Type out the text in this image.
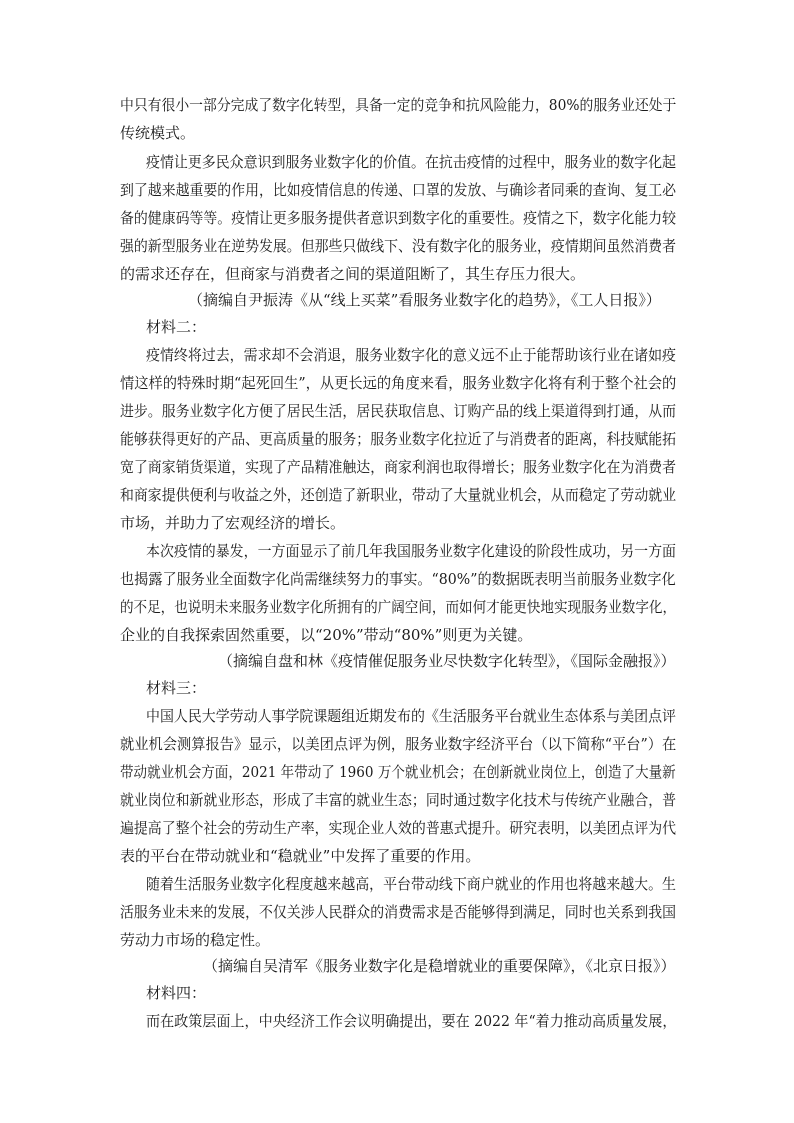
中只有很小一部分完成了数字化转型，具备一定的竞争和抗风险能力，80%的服务业还处于
传统模式。
疫情让更多民众意识到服务业数字化的价值。在抗击疫情的过程中，服务业的数字化起
到了越来越重要的作用，比如疫情信息的传递、口罩的发放、与确诊者同乘的查询、复工必
备的健康码等等。疫情让更多服务提供者意识到数字化的重要性。疫情之下，数字化能力较
强的新型服务业在逆势发展。但那些只做线下、没有数字化的服务业，疫情期间虽然消费者
的需求还存在，但商家与消费者之间的渠道阻断了，其生存压力很大。
（摘编自尹振涛《从“线上买菜”看服务业数字化的趋势》，《工人日报》）
材料二：
疫情终将过去，需求却不会消退，服务业数字化的意义远不止于能帮助该行业在诸如疫
情这样的特殊时期“起死回生”，从更长远的角度来看，服务业数字化将有利于整个社会的
进步。服务业数字化方便了居民生活，居民获取信息、订购产品的线上渠道得到打通，从而
能够获得更好的产品、更高质量的服务；服务业数字化拉近了与消费者的距离，科技赋能拓
宽了商家销货渠道，实现了产品精准触达，商家利润也取得增长；服务业数字化在为消费者
和商家提供便利与收益之外，还创造了新职业，带动了大量就业机会，从而稳定了劳动就业
市场，并助力了宏观经济的增长。
本次疫情的暴发，一方面显示了前几年我国服务业数字化建设的阶段性成功，另一方面
也揭露了服务业全面数字化尚需继续努力的事实。“80%”的数据既表明当前服务业数字化
的不足，也说明未来服务业数字化所拥有的广阔空间，而如何才能更快地实现服务业数字化，
企业的自我探索固然重要，以“20%”带动“80%”则更为关键。
（摘编自盘和林《疫情催促服务业尽快数字化转型》，《国际金融报》）
材料三：
中国人民大学劳动人事学院课题组近期发布的《生活服务平台就业生态体系与美团点评
就业机会测算报告》显示，以美团点评为例，服务业数字经济平台（以下简称“平台”）在
带动就业机会方面，2021 年带动了 1960 万个就业机会；在创新就业岗位上，创造了大量新
就业岗位和新就业形态，形成了丰富的就业生态；同时通过数字化技术与传统产业融合，普
遍提高了整个社会的劳动生产率，实现企业人效的普惠式提升。研究表明，以美团点评为代
表的平台在带动就业和“稳就业”中发挥了重要的作用。
随着生活服务业数字化程度越来越高，平台带动线下商户就业的作用也将越来越大。生
活服务业未来的发展，不仅关涉人民群众的消费需求是否能够得到满足，同时也关系到我国
劳动力市场的稳定性。
（摘编自吴清军《服务业数字化是稳增就业的重要保障》，《北京日报》）
材料四：
而在政策层面上，中央经济工作会议明确提出，要在 2022 年“着力推动高质量发展，
